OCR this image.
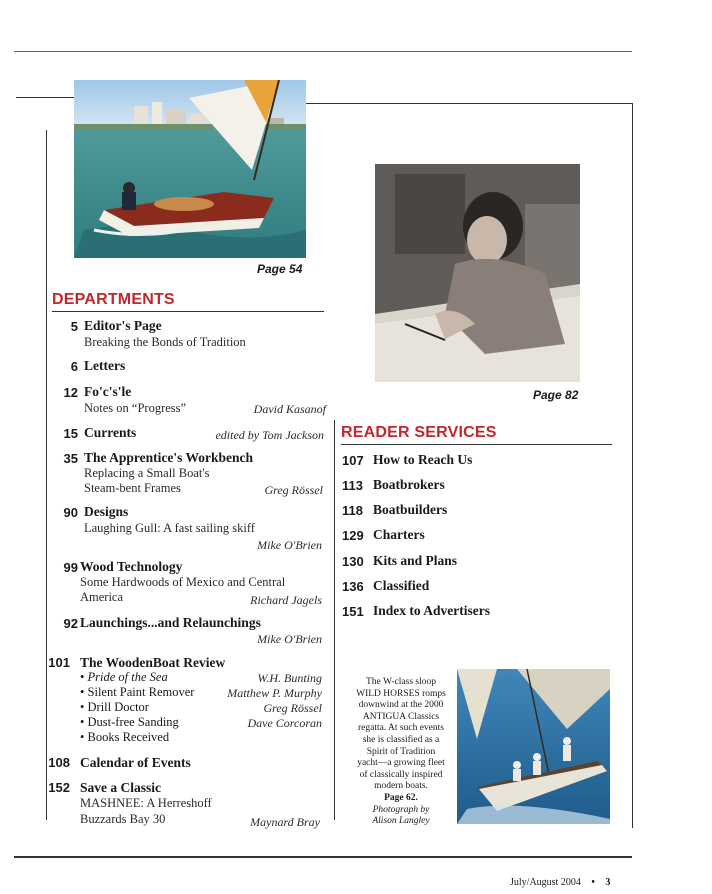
Page 54
Page 82
DEPARTMENTS
5 Editor's Page
Breaking the Bonds of Tradition
6 Letters
12 Fo'c's'le
Notes on “Progress”	David Kasanof
15 Currents	edited by Tom Jackson
35 The Apprentice's Workbench
Replacing a Small Boat's
Steam-bent Frames	Greg Rössel
90 Designs
Laughing Gull: A fast sailing skiff
Mike O'Brien
99 Wood Technology
Some Hardwoods of Mexico and Central
America	Richard Jagels
92 Launchings...and Relaunchings
Mike O'Brien
101 The WoodenBoat Review
• Pride of the Sea	W.H. Bunting
• Silent Paint Remover	Matthew P. Murphy
• Drill Doctor	Greg Rössel
• Dust-free Sanding	Dave Corcoran
• Books Received
108 Calendar of Events
152 Save a Classic
MASHNEE: A Herreshoff
Buzzards Bay 30	Maynard Bray
READER SERVICES
107 How to Reach Us
113 Boatbrokers
118 Boatbuilders
129 Charters
130 Kits and Plans
136 Classified
151 Index to Advertisers
The W-class sloop
WILD HORSES romps
downwind at the 2000
ANTIGUA Classics
regatta. At such events
she is classified as a
Spirit of Tradition
yacht—a growing fleet
of classically inspired
modern boats.
Page 62.
Photograph by
Alison Langley
July/August 2004 • 3
